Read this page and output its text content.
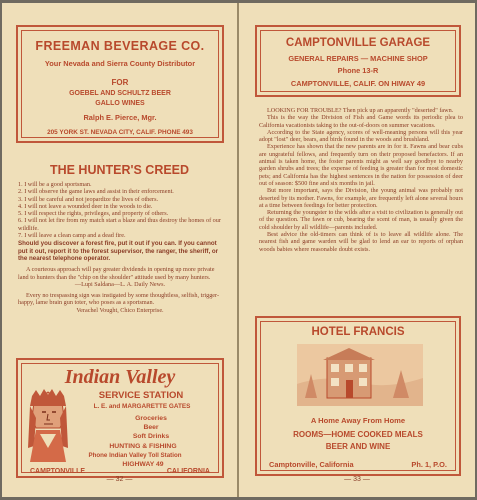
FREEMAN BEVERAGE CO.
Your Nevada and Sierra County Distributor
FOR
GOEBEL AND SCHULTZ BEER
GALLO WINES
Ralph E. Pierce, Mgr.
205 YORK ST. NEVADA CITY, CALIF. PHONE 493
THE HUNTER'S CREED

1. I will be a good sportsman.

2. I will observe the game laws and assist in their enforcement.

3. I will be careful and not jeopardize the lives of others.

4. I will not leave a wounded deer in the woods to die.

5. I will respect the rights, privileges, and property of others.

6. I will not let fire from my match start a blaze and thus destroy the homes of our wildlife.

7. I will leave a clean camp and a dead fire.

Should you discover a forest fire, put it out if you can. If you cannot put it out, report it to the forest supervisor, the ranger, the sheriff, or the nearest telephone operator.

A courteous approach will pay greater dividends in opening up more private land to hunters than the "chip on the shoulder" attitude used by many hunters.

—Lupi Saldana—L. A. Daily News.

Every no trespassing sign was instigated by some thoughtless, selfish, trigger-happy, lame brain gun toter, who poses as a sportsman.

Verachel Vought, Chico Enterprise.

Indian Valley
SERVICE STATION
L. E. and MARGARETTE GATES
Groceries
Beer
Soft Drinks
HUNTING & FISHING
Phone Indian Valley Toll Station
HIGHWAY 49
CAMPTONVILLE	CALIFORNIA
— 32 —
CAMPTONVILLE GARAGE
GENERAL REPAIRS — MACHINE SHOP
Phone 13-R
CAMPTONVILLE, CALIF. ON HIWAY 49

LOOKING FOR TROUBLE? Then pick up an apparently "deserted" fawn.

This is the way the Division of Fish and Game words its periodic plea to California vacationists taking to the out-of-doors on summer vacations.

According to the State agency, scores of well-meaning persons will this year adopt "lost" deer, bears, and birds found in the woods and brushland.

Experience has shown that the new parents are in for it. Fawns and bear cubs are ungrateful fellows, and frequently turn on their proposed benefactors. If an animal is taken home, the foster parents might as well say goodbye to nearby garden shrubs and trees; the expense of feeding is greater than for most domestic pets; and California has the highest sentences in the nation for possession of deer out of season: $500 fine and six months in jail.

But more important, says the Division, the young animal was probably not deserted by its mother. Fawns, for example, are frequently left alone several hours at a time between feedings for better protection.

Returning the youngster to the wilds after a visit to civilization is generally out of the question. The fawn or cub, bearing the scent of man, is usually given the cold shoulder by all wildlife—parents included.

Best advice the old-timers can think of is to leave all wildlife alone. The nearest fish and game warden will be glad to lend an ear to reports of orphan woods babies where reasonable doubt exists.

HOTEL FRANCIS
A Home Away From Home
ROOMS—HOME COOKED MEALS
BEER AND WINE
Camptonville, California	Ph. 1, P.O.
— 33 —
